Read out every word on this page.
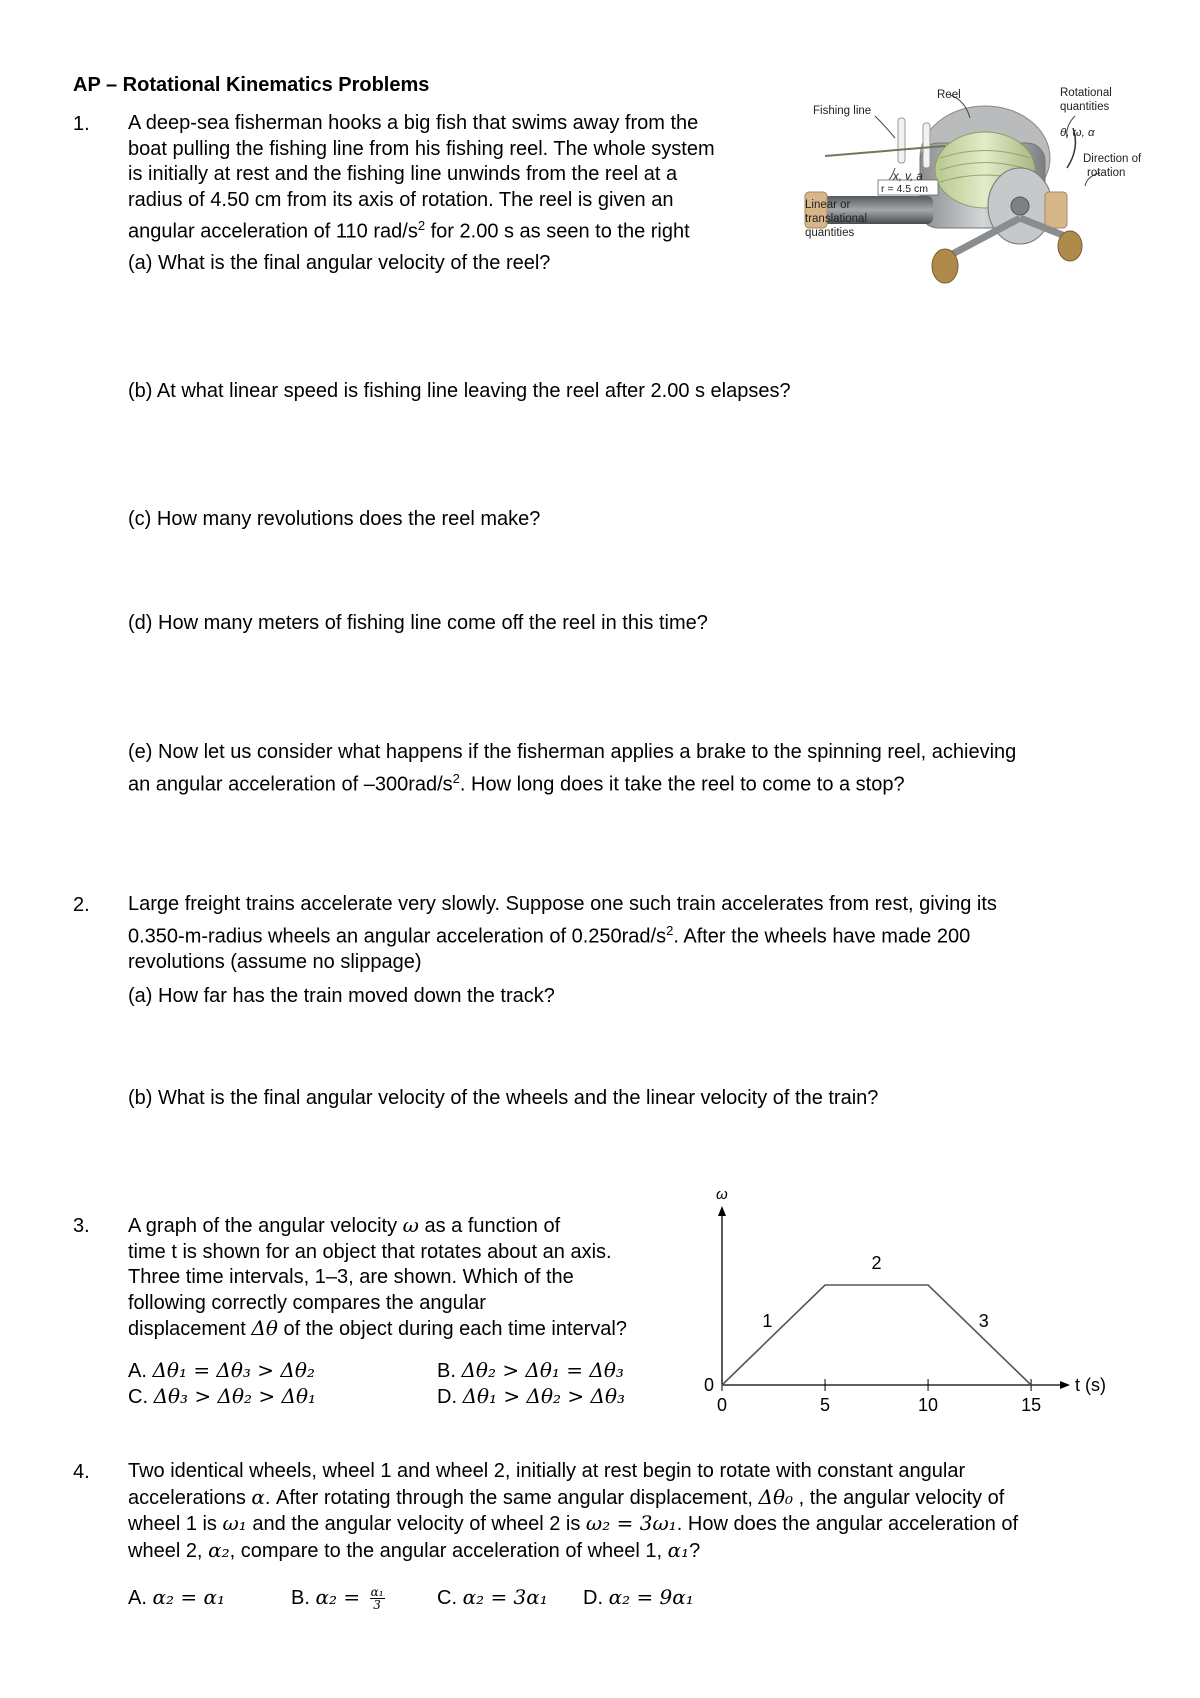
AP – Rotational Kinematics Problems
1. A deep-sea fisherman hooks a big fish that swims away from the
boat pulling the fishing line from his fishing reel. The whole system
is initially at rest and the fishing line unwinds from the reel at a
radius of 4.50 cm from its axis of rotation. The reel is given an
angular acceleration of 110 rad/$s^2$ for 2.00 s as seen to the right
(a) What is the final angular velocity of the reel?
Reel
Fishing line
Rotational
quantities
θ, ω, α
Direction of
rotation
x, v, a
r = 4.5 cm
Linear or
translational
quantities
(b) At what linear speed is fishing line leaving the reel after 2.00 s elapses?
(c) How many revolutions does the reel make?
(d) How many meters of fishing line come off the reel in this time?
(e) Now let us consider what happens if the fisherman applies a brake to the spinning reel, achieving
an angular acceleration of $-300rad/s^2$. How long does it take the reel to come to a stop?
2. Large freight trains accelerate very slowly. Suppose one such train accelerates from rest, giving its
0.350-m-radius wheels an angular acceleration of $0.250rad/s^2$. After the wheels have made 200
revolutions (assume no slippage)
(a) How far has the train moved down the track?
(b) What is the final angular velocity of the wheels and the linear velocity of the train?
3. A graph of the angular velocity ω as a function of
time t is shown for an object that rotates about an axis.
Three time intervals, 1–3, are shown. Which of the
following correctly compares the angular
displacement Δθ of the object during each time interval?
A. Δθ₁ = Δθ₃ > Δθ₂	B. Δθ₂ > Δθ₁ = Δθ₃
C. Δθ₃ > Δθ₂ > Δθ₁	D. Δθ₁ > Δθ₂ > Δθ₃
ω
t (s)
0	5	10	15
0
1
2
3
4. Two identical wheels, wheel 1 and wheel 2, initially at rest begin to rotate with constant angular
accelerations α. After rotating through the same angular displacement, Δθ₀ , the angular velocity of
wheel 1 is ω₁ and the angular velocity of wheel 2 is ω₂ = 3ω₁. How does the angular acceleration of
wheel 2, α₂, compare to the angular acceleration of wheel 1, α₁?
A. α₂ = α₁	B. $\alpha_2 = \frac{\text{α₁}}{3}$	C. α₂ = 3α₁ D. α₂ = 9α₁
